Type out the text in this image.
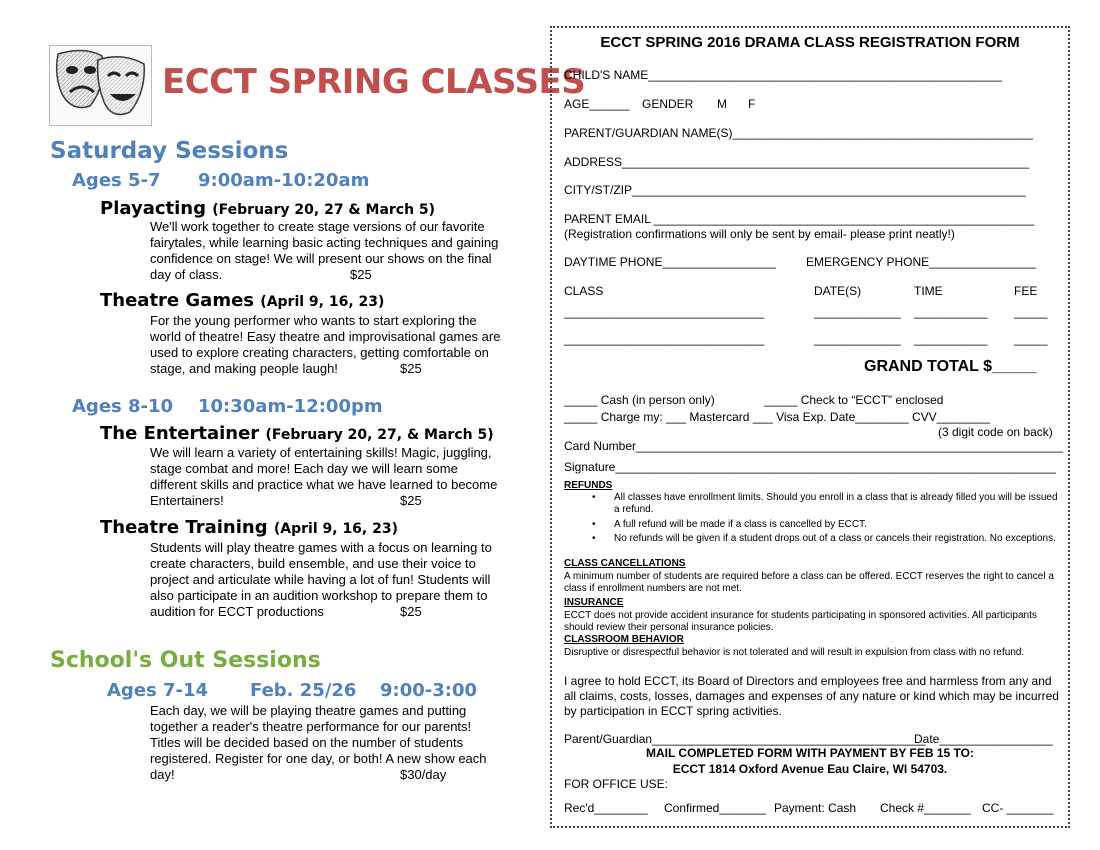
ECCT SPRING CLASSES
Saturday Sessions
Ages 5-7 9:00am-10:20am
Playacting (February 20, 27 & March 5)
We'll work together to create stage versions of our favorite
fairytales, while learning basic acting techniques and gaining
confidence on stage! We will present our shows on the final
day of class.	$25
Theatre Games (April 9, 16, 23)
For the young performer who wants to start exploring the
world of theatre! Easy theatre and improvisational games are
used to explore creating characters, getting comfortable on
stage, and making people laugh!	$25
Ages 8-10 10:30am-12:00pm
The Entertainer (February 20, 27, & March 5)
We will learn a variety of entertaining skills! Magic, juggling,
stage combat and more! Each day we will learn some
different skills and practice what we have learned to become
Entertainers!	$25
Theatre Training (April 9, 16, 23)
Students will play theatre games with a focus on learning to
create characters, build ensemble, and use their voice to
project and articulate while having a lot of fun! Students will
also participate in an audition workshop to prepare them to
audition for ECCT productions	$25
School's Out Sessions
Ages 7-14 Feb. 25/26 9:00-3:00
Each day, we will be playing theatre games and putting
together a reader's theatre performance for our parents!
Titles will be decided based on the number of students
registered. Register for one day, or both! A new show each
day!	$30/day
ECCT SPRING 2016 DRAMA CLASS REGISTRATION FORM
CHILD'S NAME_____________________________________________________
AGE______ GENDER M F
PARENT/GUARDIAN NAME(S)_____________________________________________
ADDRESS_____________________________________________________________
CITY/ST/ZIP___________________________________________________________
PARENT EMAIL _________________________________________________________
(Registration confirmations will only be sent by email- please print neatly!)
DAYTIME PHONE_________________	EMERGENCY PHONE________________
CLASS	DATE(S)	TIME	FEE
______________________________	_____________ ___________ _____
______________________________	_____________ ___________ _____
GRAND TOTAL $_____
_____ Cash (in person only)	_____ Check to “ECCT” enclosed
_____ Charge my: ___ Mastercard ___ Visa Exp. Date________ CVV________
(3 digit code on back)
Card Number________________________________________________________________
Signature__________________________________________________________________
REFUNDS
• All classes have enrollment limits. Should you enroll in a class that is already filled you will be issued a refund.
• A full refund will be made if a class is cancelled by ECCT.
• No refunds will be given if a student drops out of a class or cancels their registration. No exceptions.
CLASS CANCELLATIONS
A minimum number of students are required before a class can be offered. ECCT reserves the right to cancel a class if enrollment numbers are not met.
INSURANCE
ECCT does not provide accident insurance for students participating in sponsored activities. All participants should review their personal insurance policies.
CLASSROOM BEHAVIOR
Disruptive or disrespectful behavior is not tolerated and will result in expulsion from class with no refund.
I agree to hold ECCT, its Board of Directors and employees free and harmless from any and all claims, costs, losses, damages and expenses of any nature or kind which may be incurred by participation in ECCT spring activities.
Parent/Guardian_________________________________________
Date_________________
MAIL COMPLETED FORM WITH PAYMENT BY FEB 15 TO:
ECCT 1814 Oxford Avenue Eau Claire, WI 54703.
FOR OFFICE USE:
Rec'd________ Confirmed_______ Payment: Cash Check #_______ CC- _______
